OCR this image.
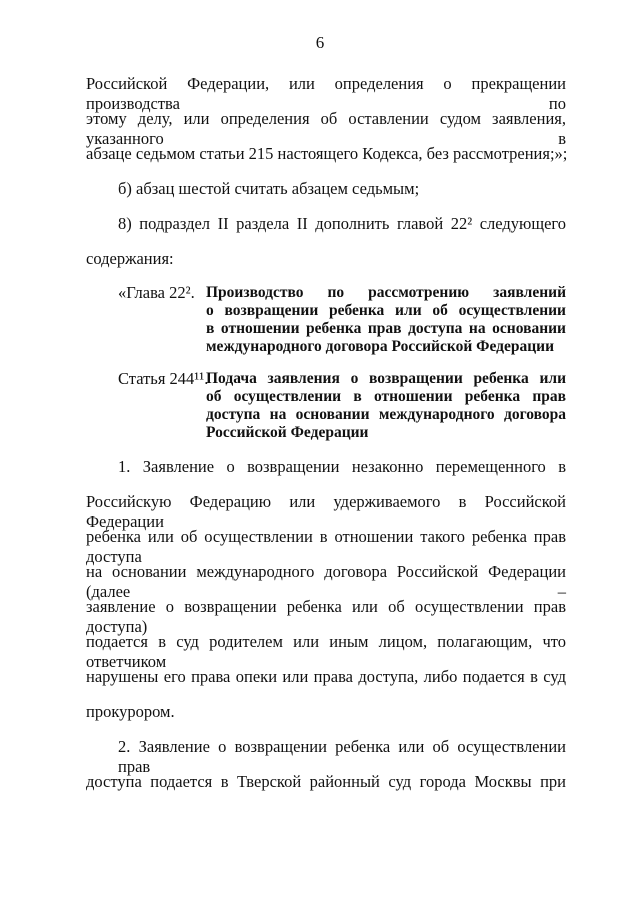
6
Российской Федерации, или определения о прекращении производства по
этому делу, или определения об оставлении судом заявления, указанного в
абзаце седьмом статьи 215 настоящего Кодекса, без рассмотрения;»;
б) абзац шестой считать абзацем седьмым;
8) подраздел II раздела II дополнить главой 22² следующего
содержания:
«Глава 22². Производство по рассмотрению заявлений
о возвращении ребенка или об осуществлении
в отношении ребенка прав доступа на основании
международного договора Российской Федерации
Статья 244¹¹.
Подача заявления о возвращении ребенка или
об осуществлении в отношении ребенка прав
доступа на основании международного договора
Российской Федерации
1. Заявление о возвращении незаконно перемещенного в
Российскую Федерацию или удерживаемого в Российской Федерации
ребенка или об осуществлении в отношении такого ребенка прав доступа
на основании международного договора Российской Федерации (далее –
заявление о возвращении ребенка или об осуществлении прав доступа)
подается в суд родителем или иным лицом, полагающим, что ответчиком
нарушены его права опеки или права доступа, либо подается в суд
прокурором.
2. Заявление о возвращении ребенка или об осуществлении прав
доступа подается в Тверской районный суд города Москвы при
